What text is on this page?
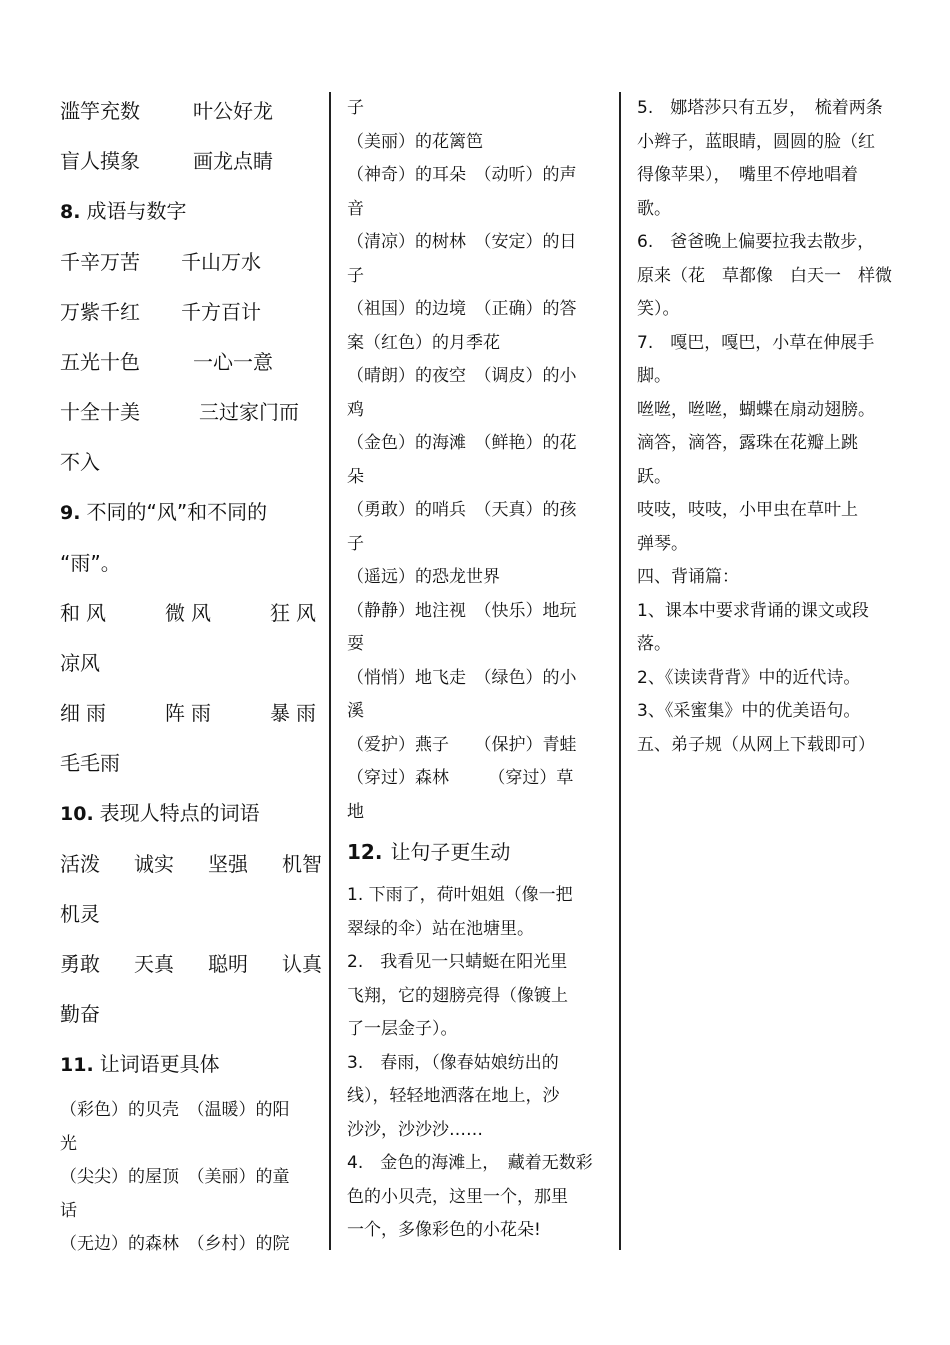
滥竽充数	叶公好龙
盲人摸象	画龙点睛
8. 成语与数字
千辛万苦 千山万水
万紫千红 千方百计
五光十色	一心一意
十全十美	三过家门而
不入
9. 不同的“风”和不同的
“雨”。
和风	微风	狂风
凉风
细雨	阵雨	暴雨
毛毛雨
10. 表现人特点的词语
活泼 诚实 坚强 机智
机灵
勇敢 天真 聪明 认真
勤奋
11. 让词语更具体
（彩色）的贝壳　（温暖）的阳
光
（尖尖）的屋顶　（美丽）的童
话
（无边）的森林　（乡村）的院
子
（美丽）的花篱笆
（神奇）的耳朵　（动听）的声
音
（清凉）的树林　（安定）的日
子
（祖国）的边境　（正确）的答
案（红色）的月季花
（晴朗）的夜空　（调皮）的小
鸡
（金色）的海滩　（鲜艳）的花
朵
（勇敢）的哨兵　（天真）的孩
子
（遥远）的恐龙世界
（静静）地注视　（快乐）地玩
耍
（悄悄）地飞走　（绿色）的小
溪
（爱护）燕子　　（保护）青蛙
（穿过）森林　　 （穿过）草
地
12. 让句子更生动
1. 下雨了，荷叶姐姐（像一把
翠绿的伞）站在池塘里。
2.　我看见一只蜻蜓在阳光里
飞翔，它的翅膀亮得（像镀上
了一层金子）。
3.　春雨，（像春姑娘纺出的
线），轻轻地洒落在地上，沙
沙沙，沙沙沙……
4.　金色的海滩上，　藏着无数彩
色的小贝壳，这里一个，那里
一个，多像彩色的小花朵!
5.　娜塔莎只有五岁，　梳着两条
小辫子，蓝眼睛，圆圆的脸（红
得像苹果），　嘴里不停地唱着
歌。
6.　爸爸晚上偏要拉我去散步，
原来（花　草都像　白天一　样微
笑）。
7.　嘎巴，嘎巴，小草在伸展手
脚。
咝咝，咝咝，蝴蝶在扇动翅膀。
滴答，滴答，露珠在花瓣上跳
跃。
吱吱，吱吱，小甲虫在草叶上
弹琴。
四、背诵篇：
1、课本中要求背诵的课文或段
落。
2、《读读背背》中的近代诗。
3、《采蜜集》中的优美语句。
五、弟子规（从网上下载即可）
